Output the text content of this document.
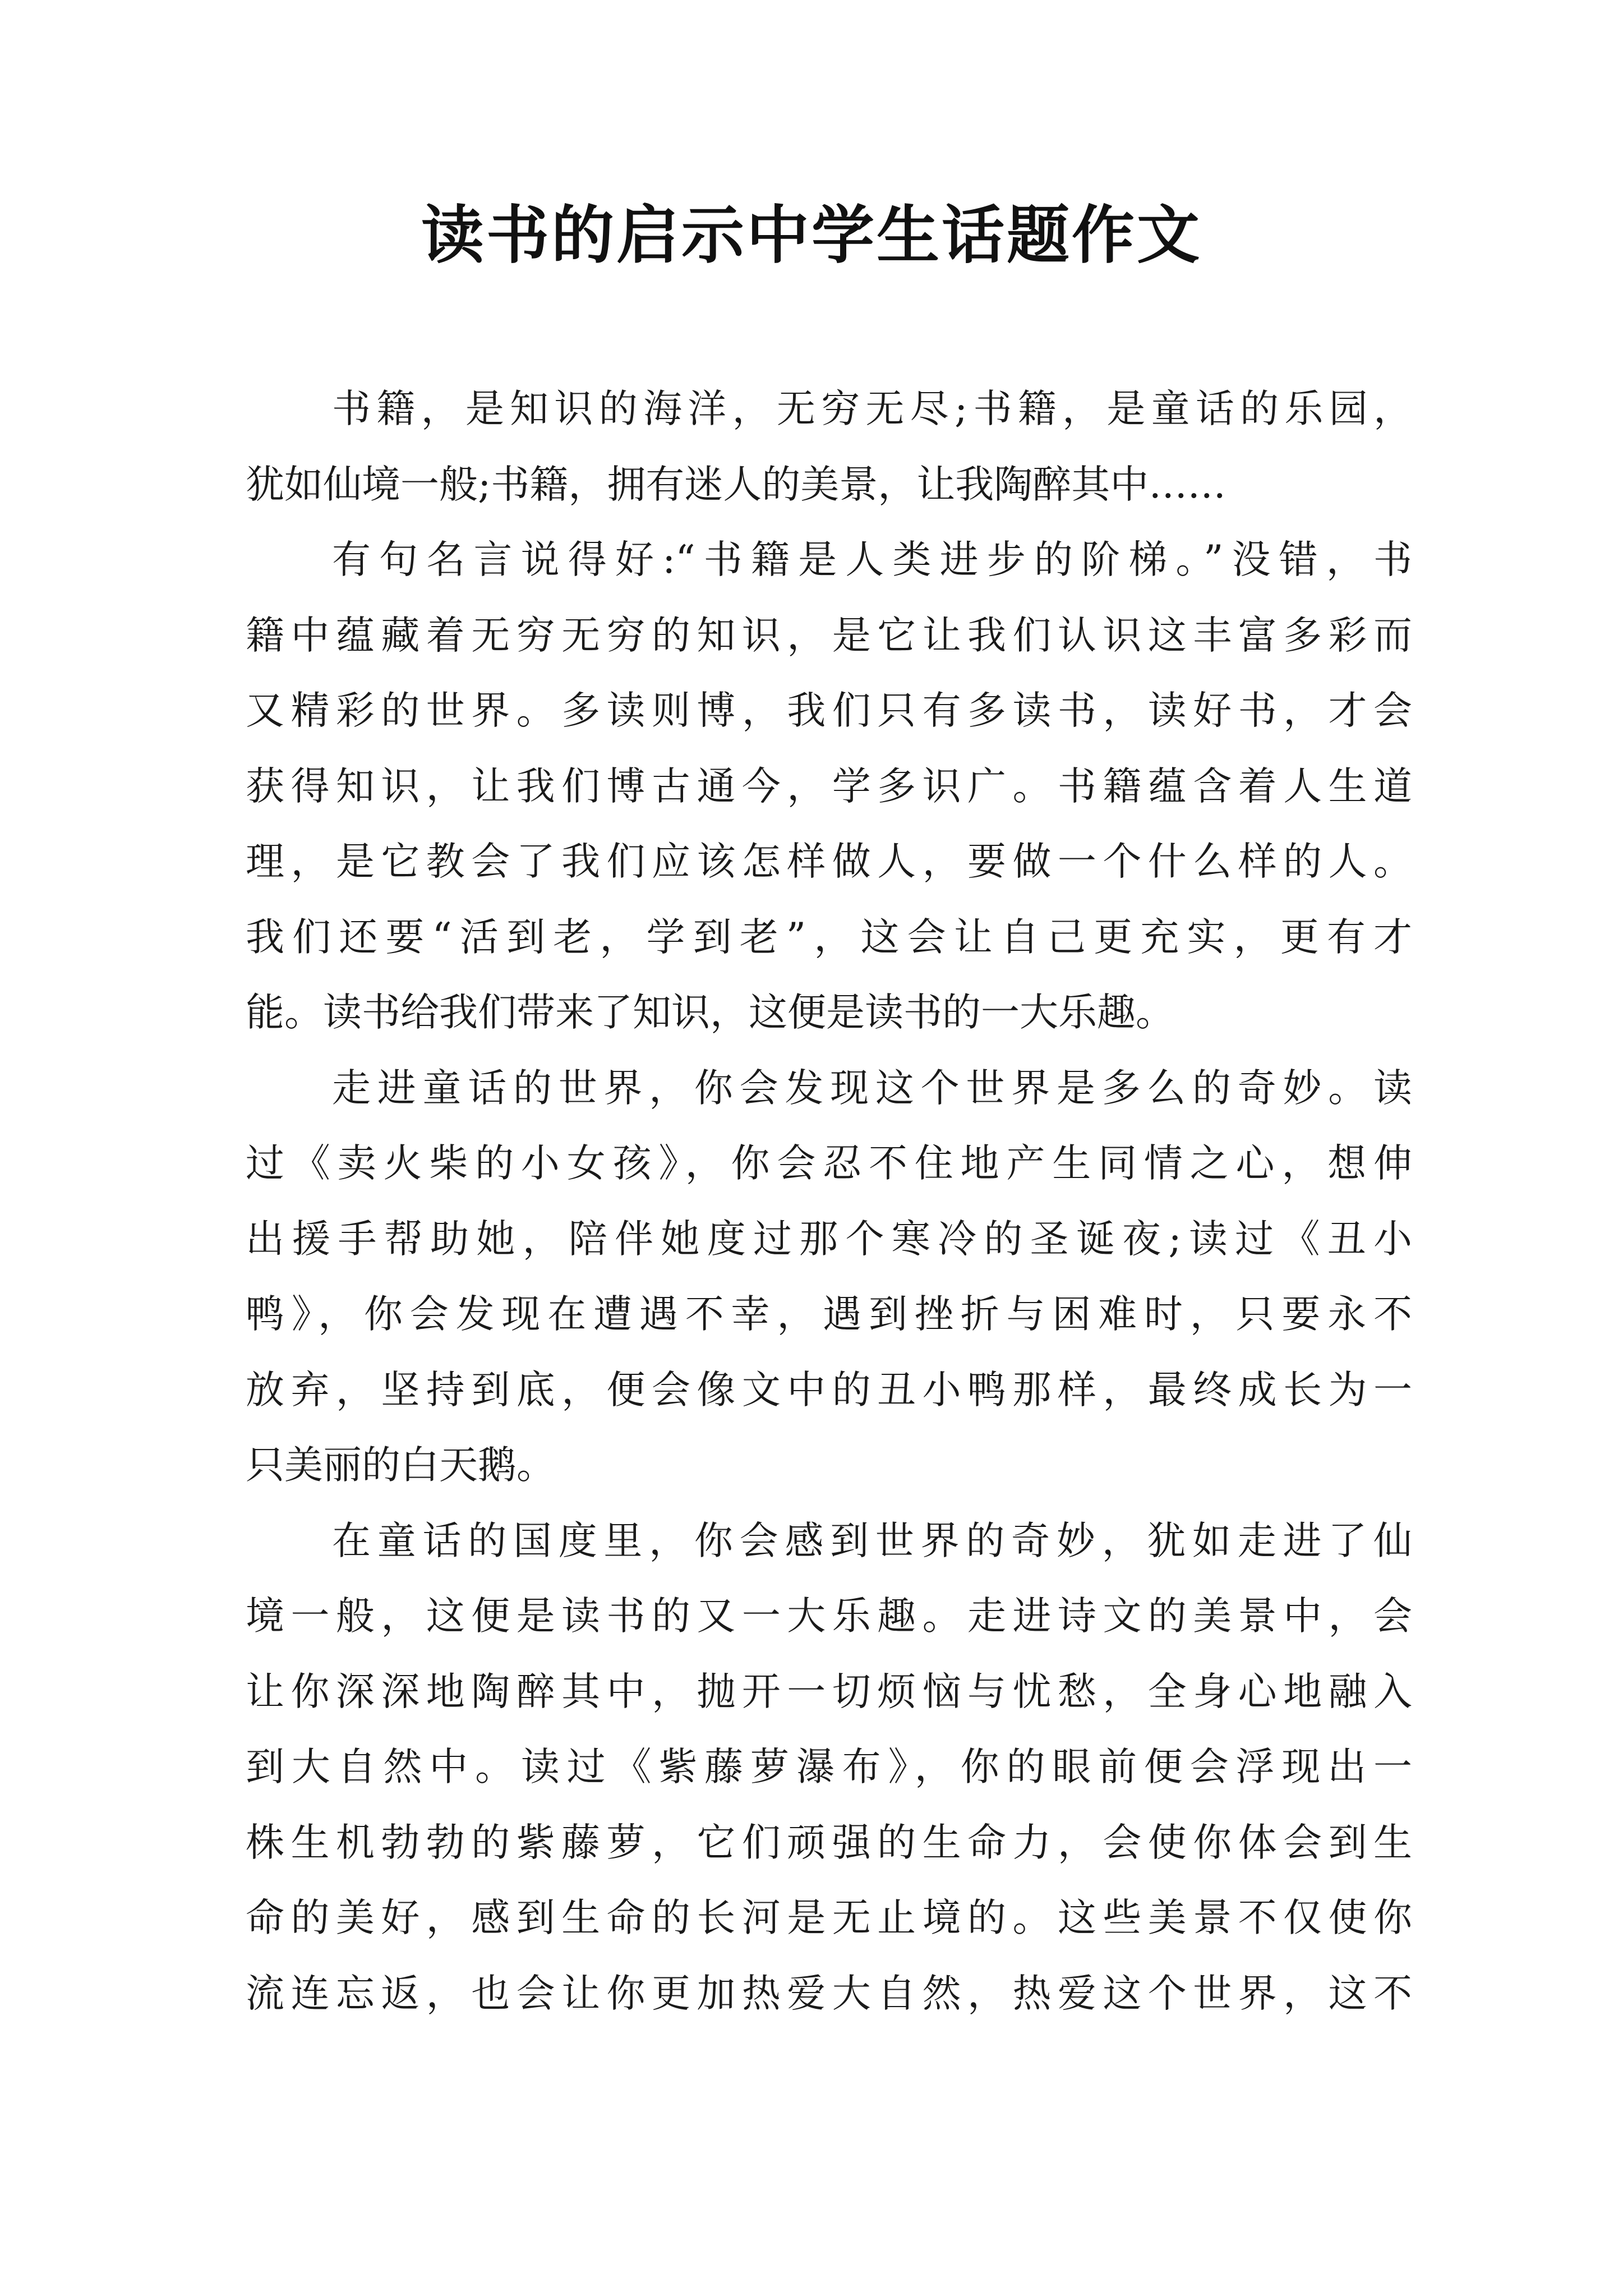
读书的启示中学生话题作文
书籍，是知识的海洋，无穷无尽;书籍，是童话的乐园，
犹如仙境一般;书籍，拥有迷人的美景，让我陶醉其中……
有句名言说得好:“书籍是人类进步的阶梯。”没错，书
籍中蕴藏着无穷无穷的知识，是它让我们认识这丰富多彩而
又精彩的世界。多读则博，我们只有多读书，读好书，才会
获得知识，让我们博古通今，学多识广。书籍蕴含着人生道
理，是它教会了我们应该怎样做人，要做一个什么样的人。
我们还要“活到老，学到老”，这会让自己更充实，更有才
能。读书给我们带来了知识，这便是读书的一大乐趣。
走进童话的世界，你会发现这个世界是多么的奇妙。读
过《卖火柴的小女孩》，你会忍不住地产生同情之心，想伸
出援手帮助她，陪伴她度过那个寒冷的圣诞夜;读过《丑小
鸭》，你会发现在遭遇不幸，遇到挫折与困难时，只要永不
放弃，坚持到底，便会像文中的丑小鸭那样，最终成长为一
只美丽的白天鹅。
在童话的国度里，你会感到世界的奇妙，犹如走进了仙
境一般，这便是读书的又一大乐趣。走进诗文的美景中，会
让你深深地陶醉其中，抛开一切烦恼与忧愁，全身心地融入
到大自然中。读过《紫藤萝瀑布》，你的眼前便会浮现出一
株生机勃勃的紫藤萝，它们顽强的生命力，会使你体会到生
命的美好，感到生命的长河是无止境的。这些美景不仅使你
流连忘返，也会让你更加热爱大自然，热爱这个世界，这不
